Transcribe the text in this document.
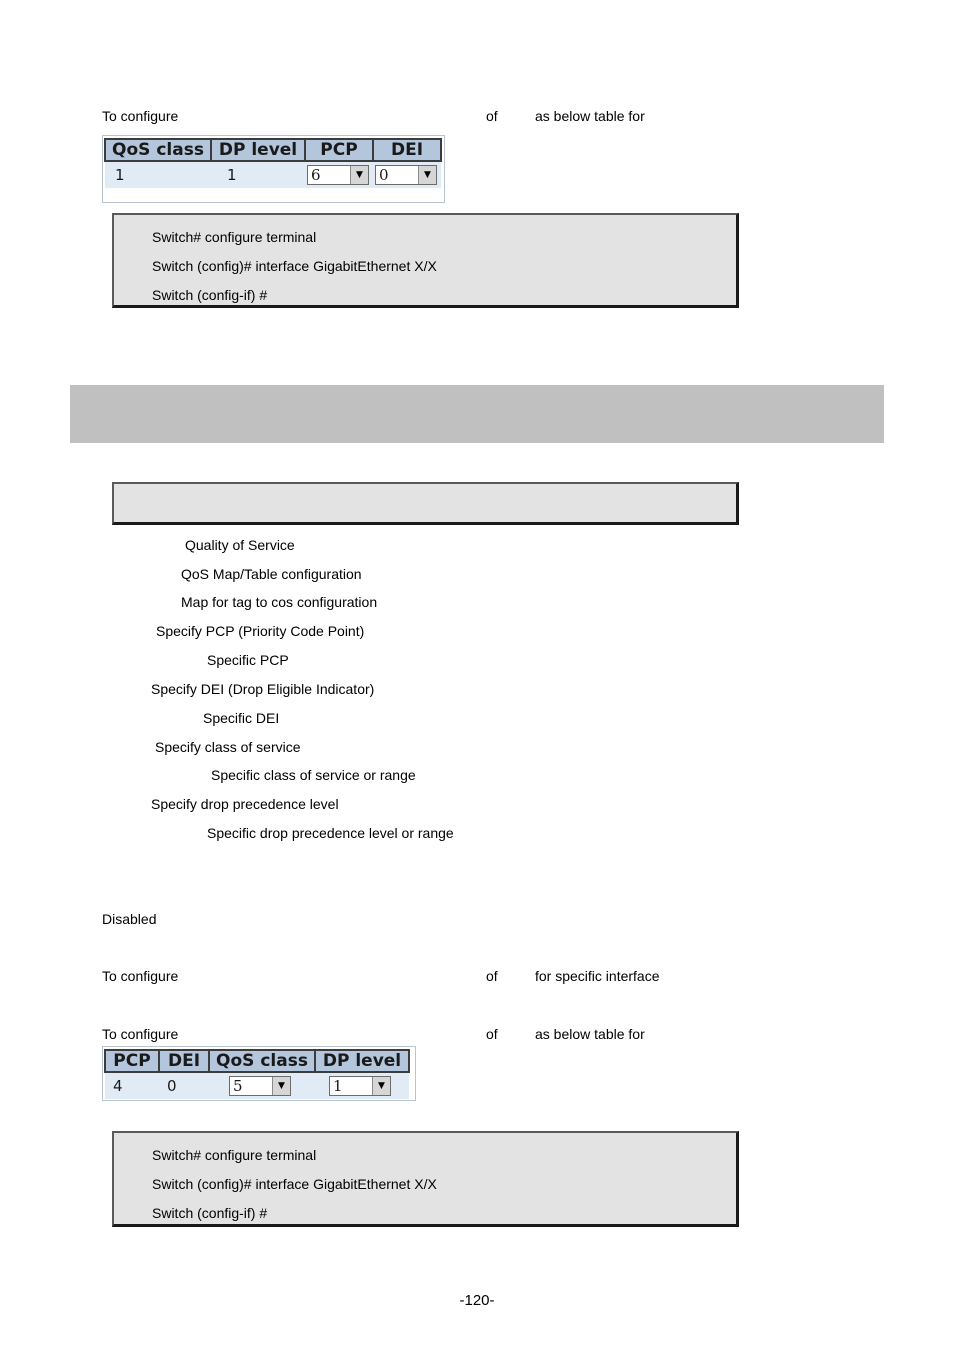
To configure	of	as below table for
QoS class	DP level	PCP	DEI
1	1	6 ▼	0 ▼
Switch# configure terminal
Switch (config)# interface GigabitEthernet X/X
Switch (config-if) #
Quality of Service
QoS Map/Table configuration
Map for tag to cos configuration
Specify PCP (Priority Code Point)
Specific PCP
Specify DEI (Drop Eligible Indicator)
Specific DEI
Specify class of service
Specific class of service or range
Specify drop precedence level
Specific drop precedence level or range
Disabled
To configure	of	for specific interface
To configure	of	as below table for
PCP	DEI	QoS class	DP level
4	0	5 ▼	1 ▼
Switch# configure terminal
Switch (config)# interface GigabitEthernet X/X
Switch (config-if) #
-120-
